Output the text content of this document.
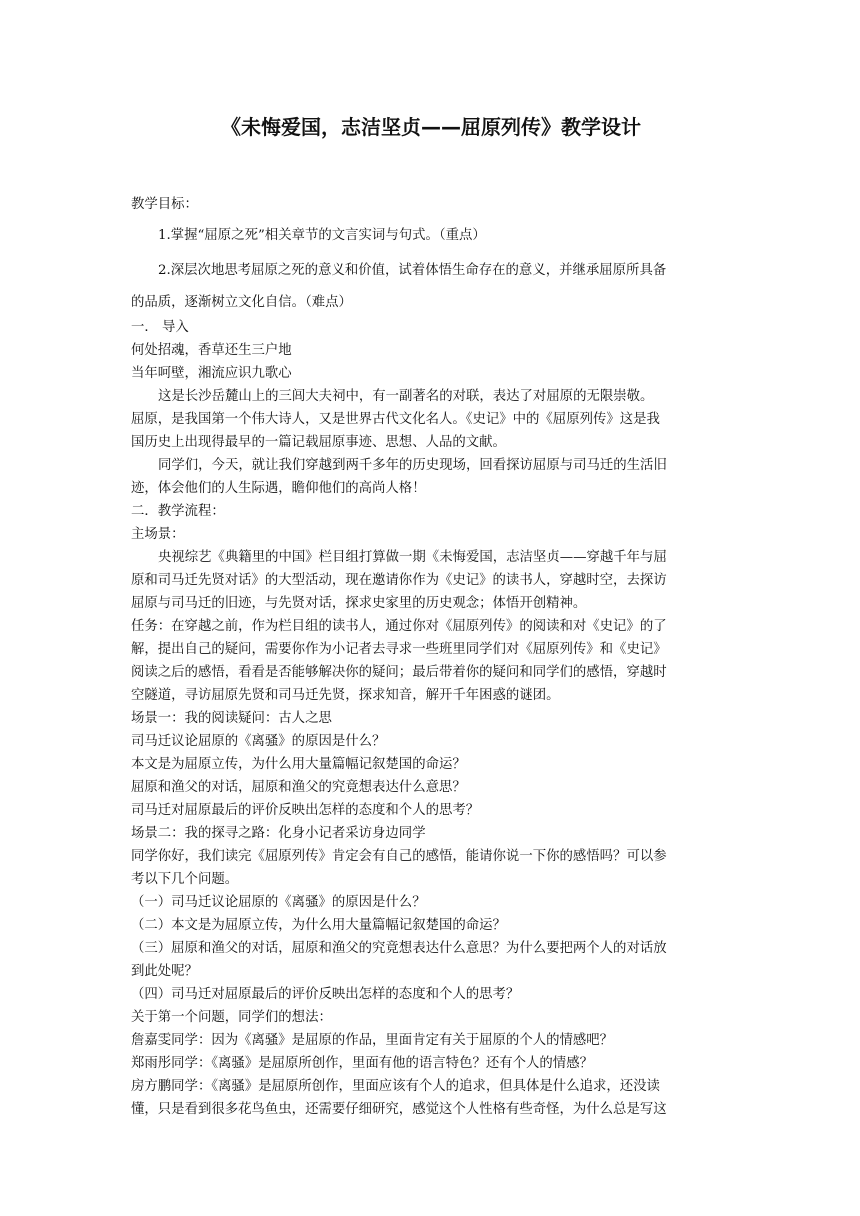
《未悔爱国，志洁坚贞——屈原列传》教学设计
教学目标：
1.掌握“屈原之死”相关章节的文言实词与句式。（重点）
2.深层次地思考屈原之死的意义和价值，试着体悟生命存在的意义，并继承屈原所具备
的品质，逐渐树立文化自信。（难点）
一． 导入
何处招魂，香草还生三户地
当年呵壁，湘流应识九歌心
这是长沙岳麓山上的三闾大夫祠中，有一副著名的对联，表达了对屈原的无限崇敬。
屈原，是我国第一个伟大诗人，又是世界古代文化名人。《史记》中的《屈原列传》这是我
国历史上出现得最早的一篇记载屈原事迹、思想、人品的文献。
同学们，今天，就让我们穿越到两千多年的历史现场，回看探访屈原与司马迁的生活旧
迹，体会他们的人生际遇，瞻仰他们的高尚人格！
二．教学流程：
主场景：
央视综艺《典籍里的中国》栏目组打算做一期《未悔爱国，志洁坚贞——穿越千年与屈
原和司马迁先贤对话》的大型活动，现在邀请你作为《史记》的读书人，穿越时空，去探访
屈原与司马迁的旧迹，与先贤对话，探求史家里的历史观念；体悟开创精神。
任务：在穿越之前，作为栏目组的读书人，通过你对《屈原列传》的阅读和对《史记》的了
解，提出自己的疑问，需要你作为小记者去寻求一些班里同学们对《屈原列传》和《史记》
阅读之后的感悟，看看是否能够解决你的疑问；最后带着你的疑问和同学们的感悟，穿越时
空隧道，寻访屈原先贤和司马迁先贤，探求知音，解开千年困惑的谜团。
场景一：我的阅读疑问：古人之思
司马迁议论屈原的《离骚》的原因是什么？
本文是为屈原立传，为什么用大量篇幅记叙楚国的命运？
屈原和渔父的对话，屈原和渔父的究竟想表达什么意思？
司马迁对屈原最后的评价反映出怎样的态度和个人的思考？
场景二：我的探寻之路：化身小记者采访身边同学
同学你好，我们读完《屈原列传》肯定会有自己的感悟，能请你说一下你的感悟吗？可以参
考以下几个问题。
（一）司马迁议论屈原的《离骚》的原因是什么？
（二）本文是为屈原立传，为什么用大量篇幅记叙楚国的命运？
（三）屈原和渔父的对话，屈原和渔父的究竟想表达什么意思？为什么要把两个人的对话放
到此处呢？
（四）司马迁对屈原最后的评价反映出怎样的态度和个人的思考？
关于第一个问题，同学们的想法：
詹嘉雯同学：因为《离骚》是屈原的作品，里面肯定有关于屈原的个人的情感吧？
郑雨彤同学：《离骚》是屈原所创作，里面有他的语言特色？还有个人的情感？
房方鹏同学：《离骚》是屈原所创作，里面应该有个人的追求，但具体是什么追求，还没读
懂，只是看到很多花鸟鱼虫，还需要仔细研究，感觉这个人性格有些奇怪，为什么总是写这
